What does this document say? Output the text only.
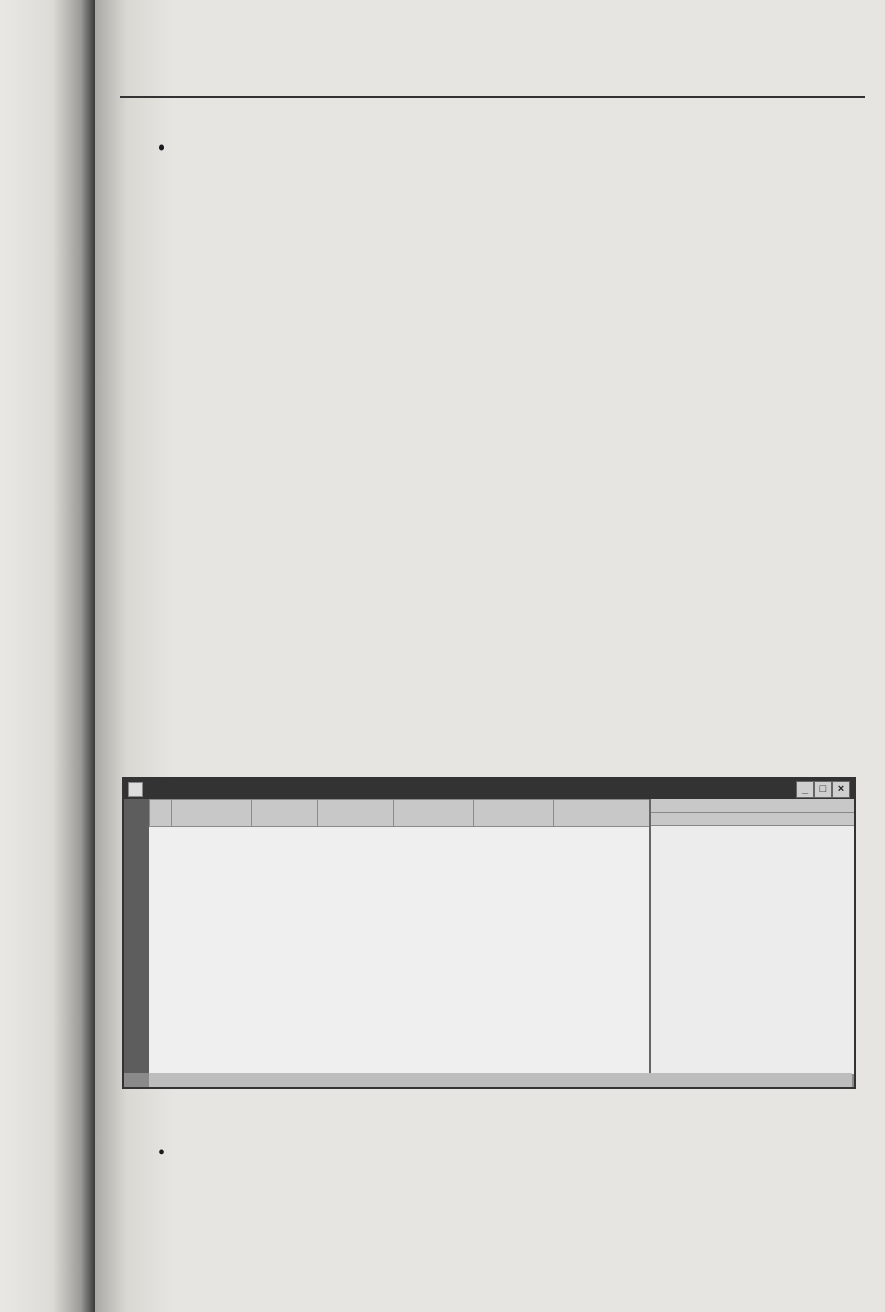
_	□	×
